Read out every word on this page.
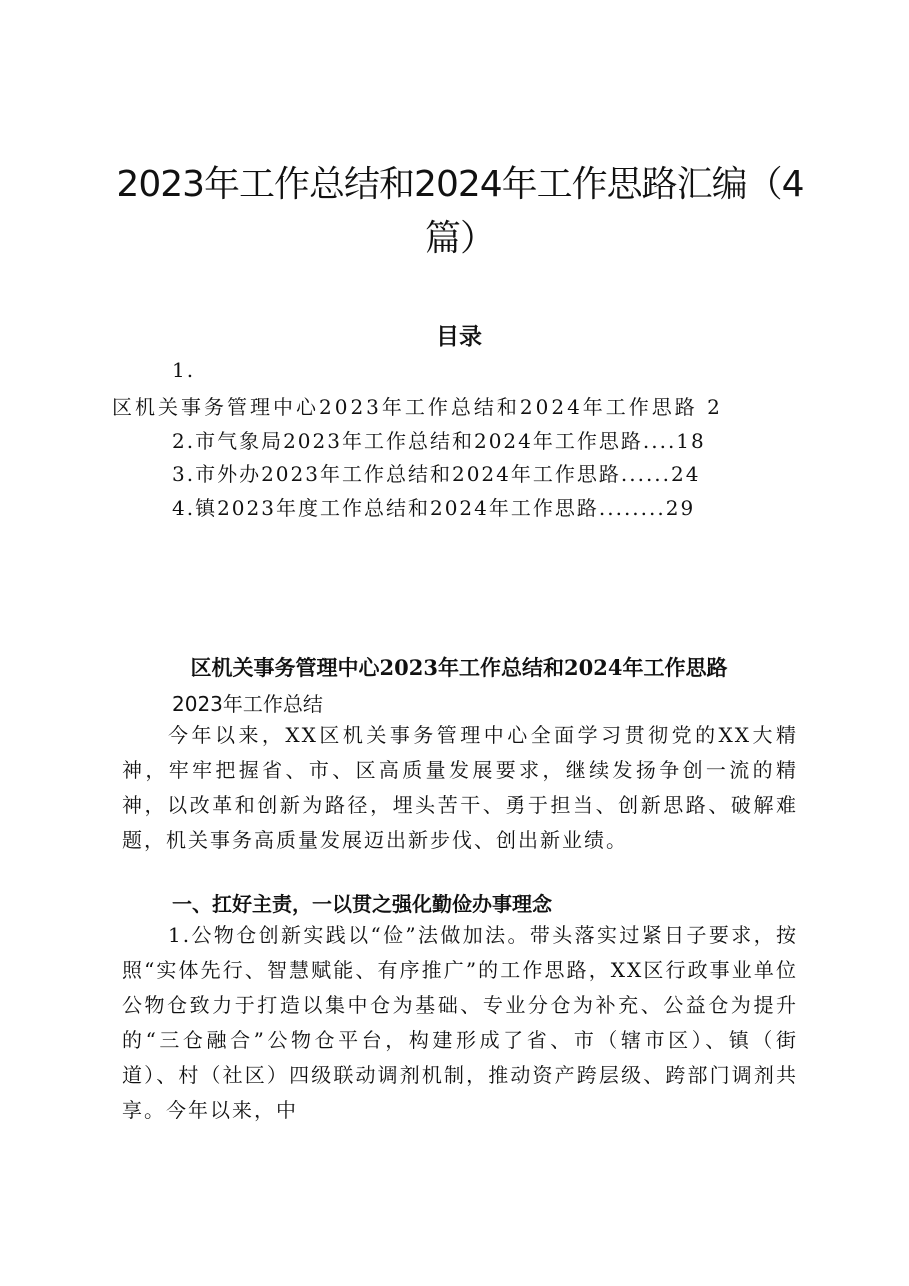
2023年工作总结和2024年工作思路汇编（4篇）
目录
1.
区机关事务管理中心2023年工作总结和2024年工作思路 2
2.市气象局2023年工作总结和2024年工作思路....18
3.市外办2023年工作总结和2024年工作思路......24
4.镇2023年度工作总结和2024年工作思路........29
区机关事务管理中心2023年工作总结和2024年工作思路
2023年工作总结

今年以来，XX区机关事务管理中心全面学习贯彻党的XX大精神，牢牢把握省、市、区高质量发展要求，继续发扬争创一流的精神，以改革和创新为路径，埋头苦干、勇于担当、创新思路、破解难题，机关事务高质量发展迈出新步伐、创出新业绩。

一、扛好主责，一以贯之强化勤俭办事理念

1.公物仓创新实践以“俭”法做加法。带头落实过紧日子要求，按照“实体先行、智慧赋能、有序推广”的工作思路，XX区行政事业单位公物仓致力于打造以集中仓为基础、专业分仓为补充、公益仓为提升的“三仓融合”公物仓平台，构建形成了省、市（辖市区）、镇（街道）、村（社区）四级联动调剂机制，推动资产跨层级、跨部门调剂共享。今年以来，中
